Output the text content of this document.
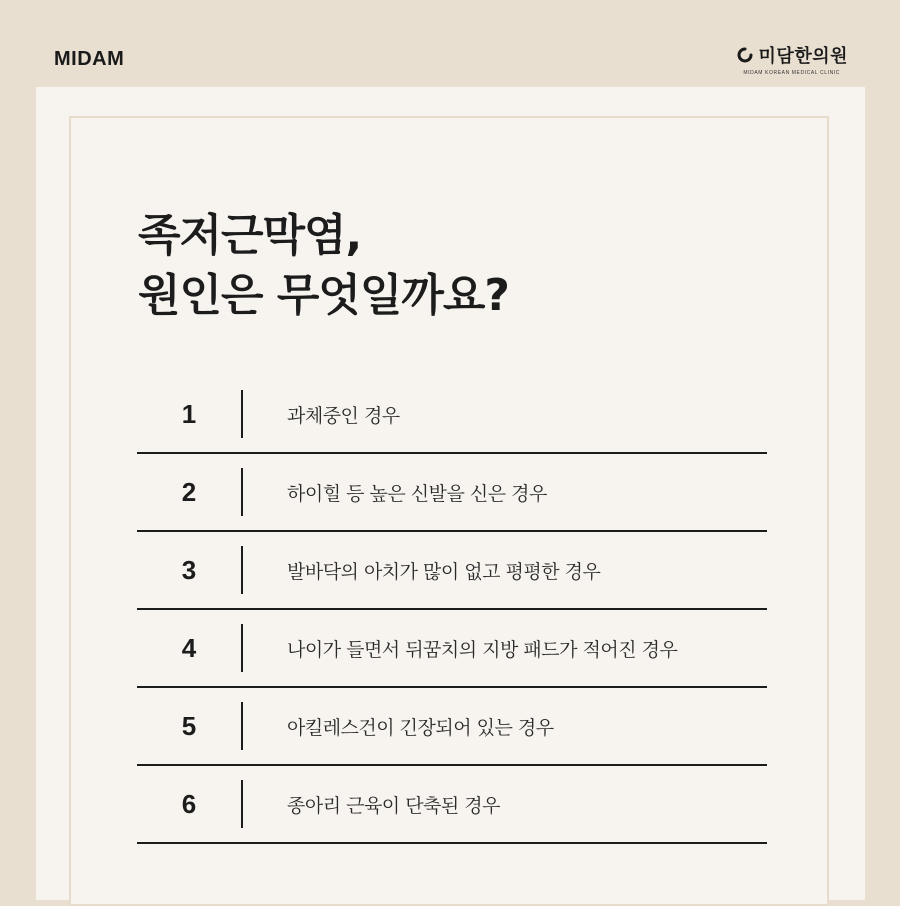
MIDAM	미담한의원
MIDAM KOREAN MEDICAL CLINIC
족저근막염,
원인은 무엇일까요?
1	과체중인 경우
2	하이힐 등 높은 신발을 신은 경우
3	발바닥의 아치가 많이 없고 평평한 경우
4	나이가 들면서 뒤꿈치의 지방 패드가 적어진 경우
5	아킬레스건이 긴장되어 있는 경우
6	종아리 근육이 단축된 경우
